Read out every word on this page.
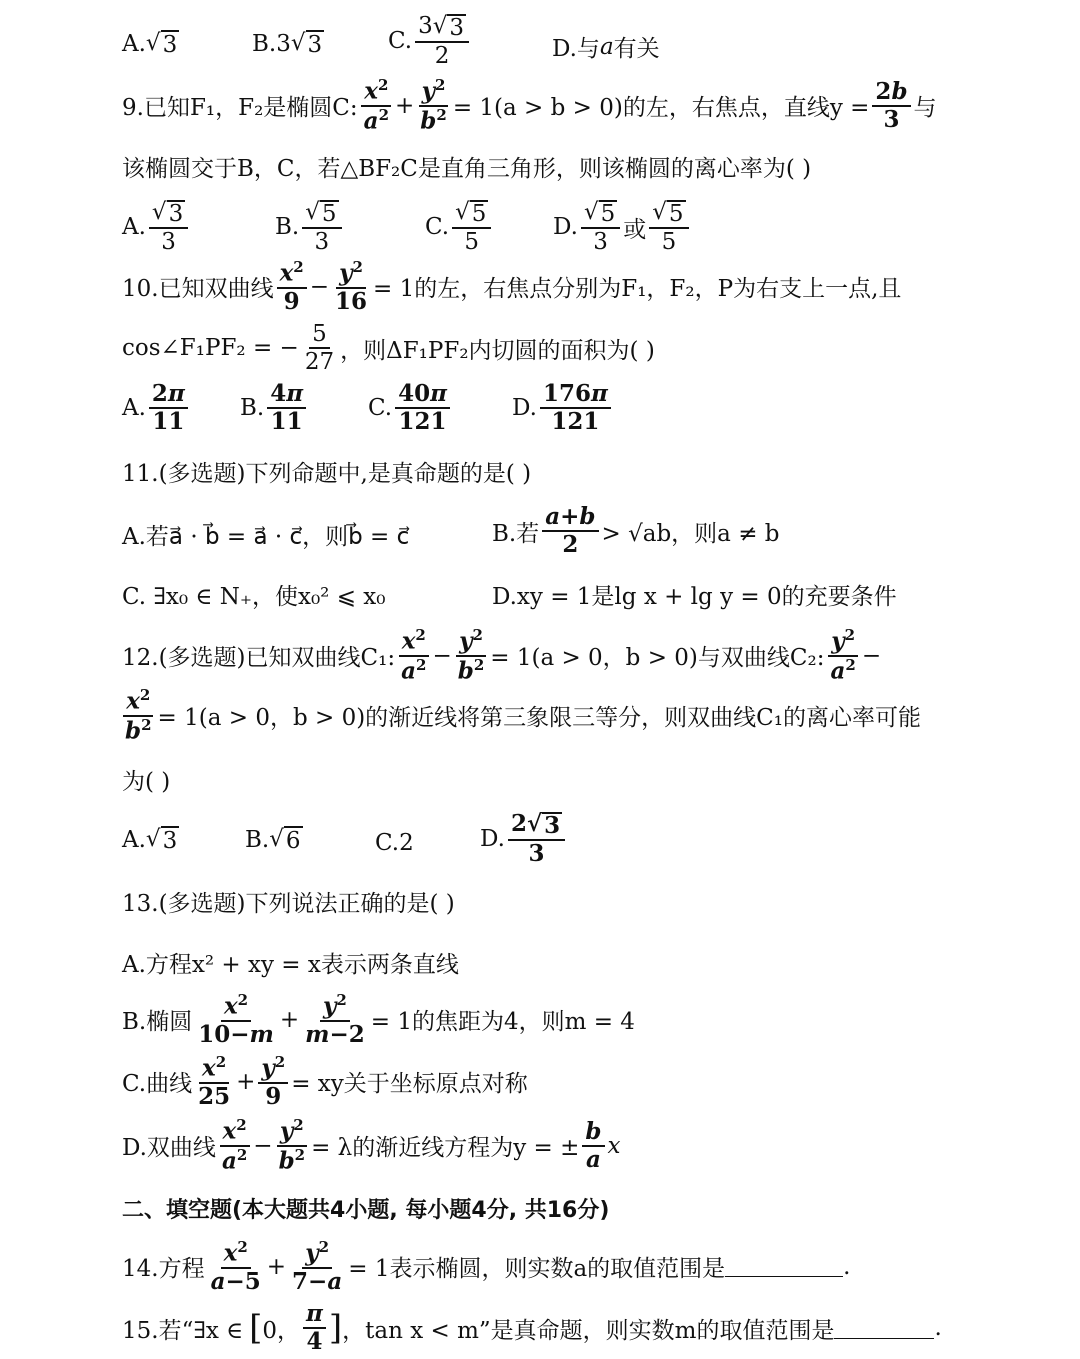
A. √ 3	B. 3 √ 3	C. $\frac{3√ 3}{2}$	D.与 a 有关
9.已知F₁，F₂是椭圆C: $\frac{x^2}{a^2} + \frac{y^2}{b^2} = 1(a > b > 0)$的左，右焦点，直线$y = \frac{2b}{3}$ 与
该椭圆交于B，C，若△BF₂C是直角三角形，则该椭圆的离心率为( )
A. $\frac{√ 3}{3}$	B. $\frac{√ 5}{3}$	C. $\frac{√ 5}{5}$	D. $\frac{√ 5}{3}$ 或 $\frac{√ 5}{5}$
10.已知双曲线 $\frac{x^2}{9} - \frac{y^2}{16} = 1$的左，右焦点分别为F₁，F₂，P为右支上一点,且
cos∠F₁PF₂ = − $\frac{5}{27}$ ，则ΔF₁PF₂内切圆的面积为( )
A. $\frac{2\pi}{11} B$. $\frac{4\pi}{11}$	C. $\frac{40\pi}{121}$	D. $\frac{176\pi}{121}$
11.(多选题)下列命题中,是真命题的是( )
A.若a⃗ · b⃗ = a⃗ · c⃗，则b⃗ = c⃗	B.若 $\frac{a+b}{2} > √ab$，则a ≠ b
C. ∃x₀ ∈ N₊，使x₀² ⩽ x₀	D.xy = 1是lg x + lg y = 0的充要条件
12.(多选题)已知双曲线C₁: $\frac{x^2}{a^2} - \frac{y^2}{b^2} = 1(a > 0$，b > 0)与双曲线C₂: $\frac{y^2}{a^2}$ −
$\frac{x^2}{b^2} = 1(a > 0$，b > 0)的渐近线将第三象限三等分，则双曲线C₁的离心率可能
为( )
A. √ 3	B. √ 6	C.2	D. $\frac{2√ 3}{3}$
13.(多选题)下列说法正确的是( )
A.方程x² + xy = x表示两条直线
B.椭圆 $\frac{x^2}{10-m} + \frac{y^2}{m-2} = 1$的焦距为4，则m = 4
C.曲线 $\frac{x^2}{25} + \frac{y^2}{9}$ = xy关于坐标原点对称
D.双曲线 $\frac{x^2}{a^2} - \frac{y^2}{b^2} = \lambda$的渐近线方程为y = ± $\frac{b}{a}$ x
二、填空题(本大题共4小题, 每小题4分, 共16分)
14.方程 $\frac{x^2}{a-5} + \frac{y^2}{7-a} = 1$表示椭圆，则实数a的取值范围是	.
15.若“∃x ∈ [ 0， $\frac{\pi}{4}$ ] ，tan x < m”是真命题，则实数m的取值范围是	.
